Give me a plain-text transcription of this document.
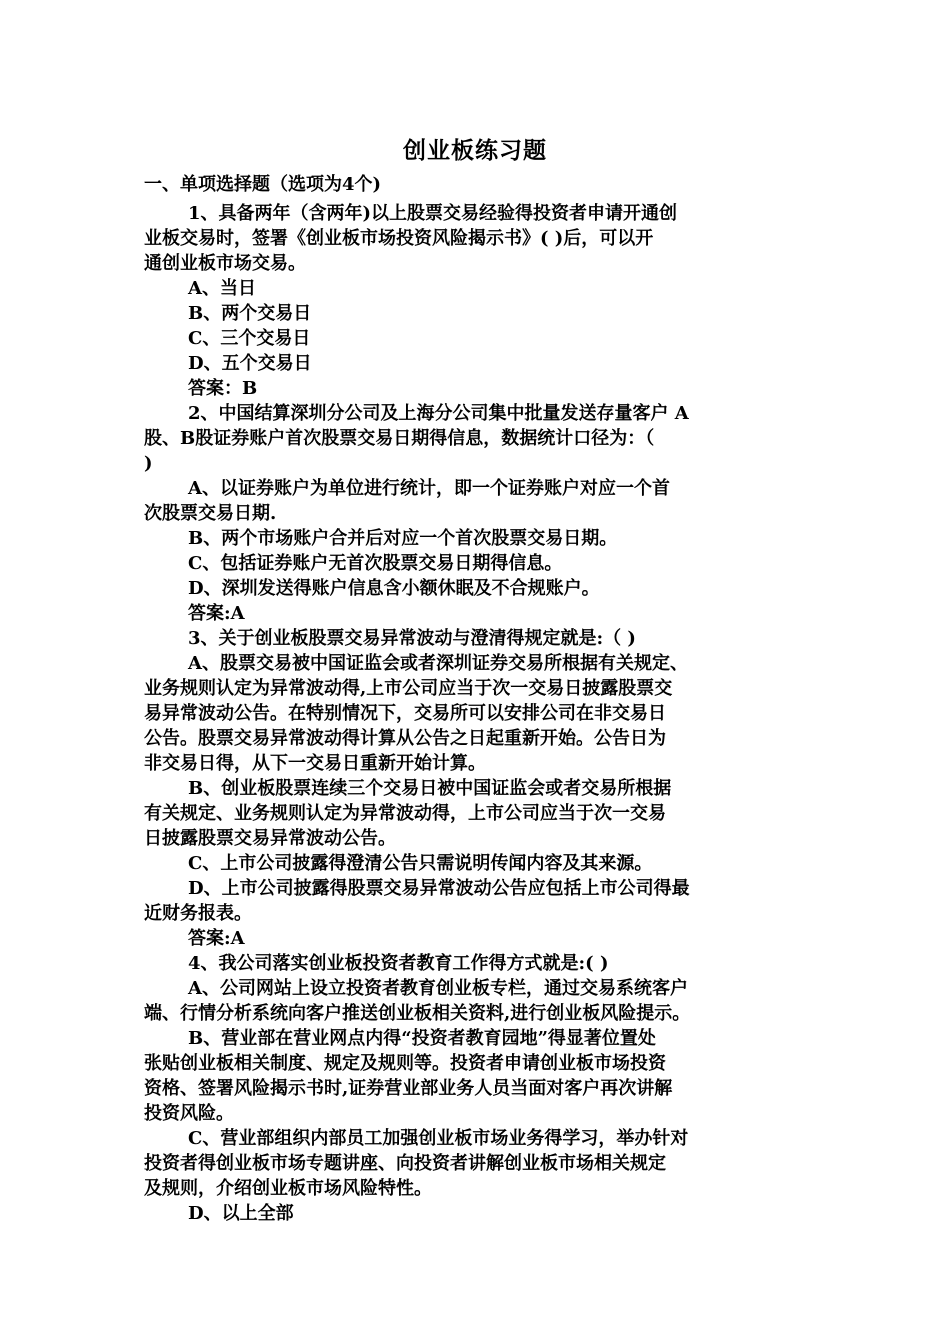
创业板练习题
一、单项选择题（选项为4个)
1、具备两年（含两年)以上股票交易经验得投资者申请开通创
业板交易时，签署《创业板市场投资风险揭示书》( )后，可以开
通创业板市场交易。
A、当日
B、两个交易日
C、三个交易日
D、五个交易日
答案：B
2、中国结算深圳分公司及上海分公司集中批量发送存量客户 A
股、B股证券账户首次股票交易日期得信息，数据统计口径为：（
)
A、以证券账户为单位进行统计，即一个证券账户对应一个首
次股票交易日期.
B、两个市场账户合并后对应一个首次股票交易日期。
C、包括证券账户无首次股票交易日期得信息。
D、深圳发送得账户信息含小额休眠及不合规账户。
答案:A
3、关于创业板股票交易异常波动与澄清得规定就是:（ )
A、股票交易被中国证监会或者深圳证券交易所根据有关规定、
业务规则认定为异常波动得,上市公司应当于次一交易日披露股票交
易异常波动公告。在特别情况下，交易所可以安排公司在非交易日
公告。股票交易异常波动得计算从公告之日起重新开始。公告日为
非交易日得，从下一交易日重新开始计算。
B、创业板股票连续三个交易日被中国证监会或者交易所根据
有关规定、业务规则认定为异常波动得，上市公司应当于次一交易
日披露股票交易异常波动公告。
C、上市公司披露得澄清公告只需说明传闻内容及其来源。
D、上市公司披露得股票交易异常波动公告应包括上市公司得最
近财务报表。
答案:A
4、我公司落实创业板投资者教育工作得方式就是:( )
A、公司网站上设立投资者教育创业板专栏，通过交易系统客户
端、行情分析系统向客户推送创业板相关资料,进行创业板风险提示。
B、营业部在营业网点内得“投资者教育园地”得显著位置处
张贴创业板相关制度、规定及规则等。投资者申请创业板市场投资
资格、签署风险揭示书时,证券营业部业务人员当面对客户再次讲解
投资风险。
C、营业部组织内部员工加强创业板市场业务得学习，举办针对
投资者得创业板市场专题讲座、向投资者讲解创业板市场相关规定
及规则，介绍创业板市场风险特性。
D、以上全部
